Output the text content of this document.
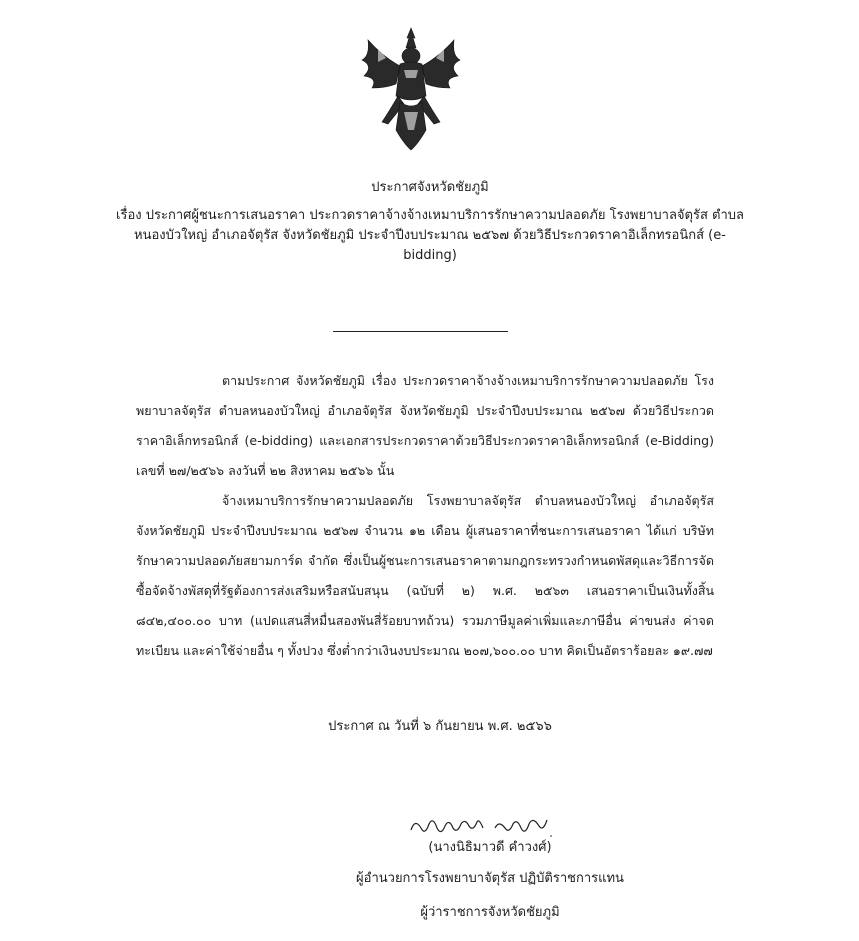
ประกาศจังหวัดชัยภูมิ
เรื่อง ประกาศผู้ชนะการเสนอราคา ประกวดราคาจ้างจ้างเหมาบริการรักษาความปลอดภัย โรงพยาบาลจัตุรัส ตำบลหนองบัวใหญ่ อำเภอจัตุรัส จังหวัดชัยภูมิ ประจำปีงบประมาณ ๒๕๖๗ ด้วยวิธีประกวดราคาอิเล็กทรอนิกส์ (e-bidding)
ตามประกาศ จังหวัดชัยภูมิ เรื่อง ประกวดราคาจ้างจ้างเหมาบริการรักษาความปลอดภัย โรงพยาบาลจัตุรัส ตำบลหนองบัวใหญ่ อำเภอจัตุรัส จังหวัดชัยภูมิ ประจำปีงบประมาณ ๒๕๖๗ ด้วยวิธีประกวดราคาอิเล็กทรอนิกส์ (e-bidding) และเอกสารประกวดราคาด้วยวิธีประกวดราคาอิเล็กทรอนิกส์ (e-Bidding) เลขที่ ๒๗/๒๕๖๖ ลงวันที่ ๒๒ สิงหาคม ๒๕๖๖ นั้น
จ้างเหมาบริการรักษาความปลอดภัย โรงพยาบาลจัตุรัส ตำบลหนองบัวใหญ่ อำเภอจัตุรัส จังหวัดชัยภูมิ ประจำปีงบประมาณ ๒๕๖๗ จำนวน ๑๒ เดือน ผู้เสนอราคาที่ชนะการเสนอราคา ได้แก่ บริษัท รักษาความปลอดภัยสยามการ์ด จำกัด ซึ่งเป็นผู้ชนะการเสนอราคาตามกฎกระทรวงกำหนดพัสดุและวิธีการจัดซื้อจัดจ้างพัสดุที่รัฐต้องการส่งเสริมหรือสนับสนุน (ฉบับที่ ๒) พ.ศ. ๒๕๖๓ เสนอราคาเป็นเงินทั้งสิ้น ๘๔๒,๔๐๐.๐๐ บาท (แปดแสนสี่หมื่นสองพันสี่ร้อยบาทถ้วน) รวมภาษีมูลค่าเพิ่มและภาษีอื่น ค่าขนส่ง ค่าจดทะเบียน และค่าใช้จ่ายอื่น ๆ ทั้งปวง ซึ่งต่ำกว่าเงินงบประมาณ ๒๐๗,๖๐๐.๐๐ บาท คิดเป็นอัตราร้อยละ ๑๙.๗๗
ประกาศ ณ วันที่ ๖ กันยายน พ.ศ. ๒๕๖๖
(นางนิธิมาวดี คำวงศ์)
ผู้อำนวยการโรงพยาบาจัตุรัส ปฏิบัติราชการแทน
ผู้ว่าราชการจังหวัดชัยภูมิ
